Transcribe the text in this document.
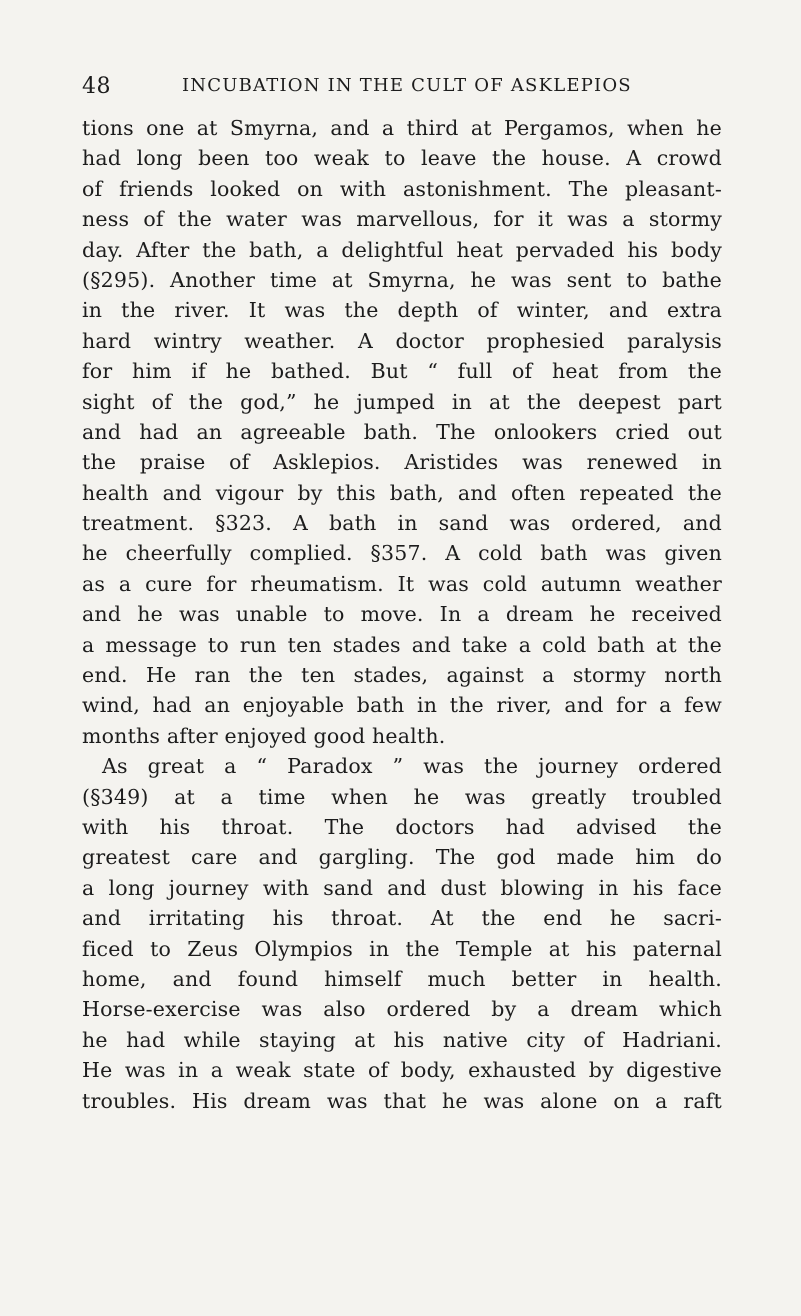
48	INCUBATION IN THE CULT OF ASKLEPIOS
tions one at Smyrna, and a third at Pergamos, when he
had long been too weak to leave the house. A crowd
of friends looked on with astonishment. The pleasant-
ness of the water was marvellous, for it was a stormy
day. After the bath, a delightful heat pervaded his body
(§295). Another time at Smyrna, he was sent to bathe
in the river. It was the depth of winter, and extra
hard wintry weather. A doctor prophesied paralysis
for him if he bathed. But “ full of heat from the
sight of the god,” he jumped in at the deepest part
and had an agreeable bath. The onlookers cried out
the praise of Asklepios. Aristides was renewed in
health and vigour by this bath, and often repeated the
treatment. §323. A bath in sand was ordered, and
he cheerfully complied. §357. A cold bath was given
as a cure for rheumatism. It was cold autumn weather
and he was unable to move. In a dream he received
a message to run ten stades and take a cold bath at the
end. He ran the ten stades, against a stormy north
wind, had an enjoyable bath in the river, and for a few
months after enjoyed good health.
As great a “ Paradox ” was the journey ordered
(§349) at a time when he was greatly troubled
with his throat. The doctors had advised the
greatest care and gargling. The god made him do
a long journey with sand and dust blowing in his face
and irritating his throat. At the end he sacri-
ficed to Zeus Olympios in the Temple at his paternal
home, and found himself much better in health.
Horse-exercise was also ordered by a dream which
he had while staying at his native city of Hadriani.
He was in a weak state of body, exhausted by digestive
troubles. His dream was that he was alone on a raft
